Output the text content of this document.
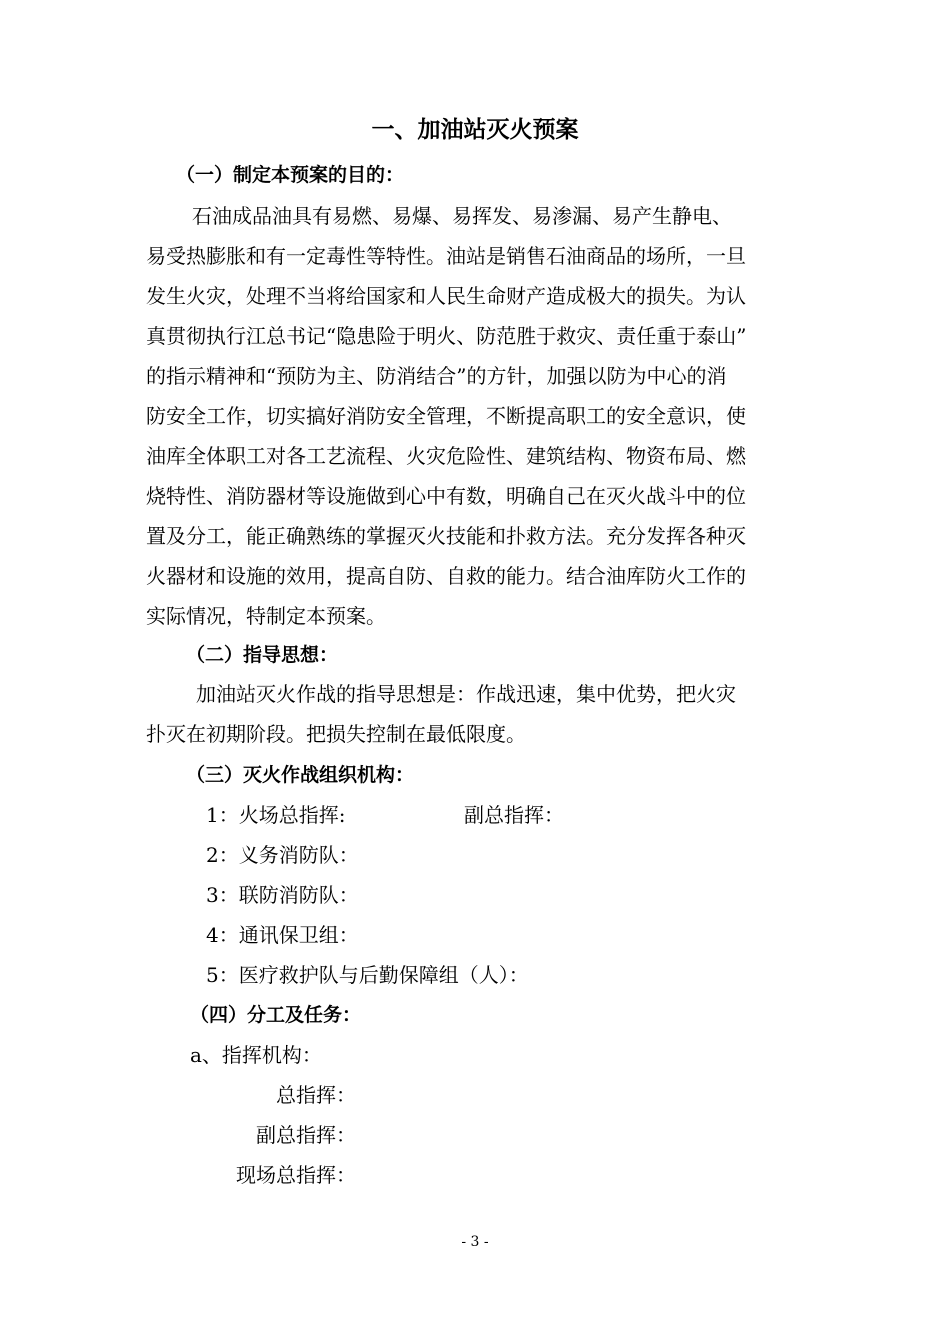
一、加油站灭火预案
（一）制定本预案的目的：
石油成品油具有易燃、易爆、易挥发、易渗漏、易产生静电、
易受热膨胀和有一定毒性等特性。油站是销售石油商品的场所，一旦
发生火灾，处理不当将给国家和人民生命财产造成极大的损失。为认
真贯彻执行江总书记“隐患险于明火、防范胜于救灾、责任重于泰山”
的指示精神和“预防为主、防消结合”的方针，加强以防为中心的消
防安全工作，切实搞好消防安全管理，不断提高职工的安全意识，使
油库全体职工对各工艺流程、火灾危险性、建筑结构、物资布局、燃
烧特性、消防器材等设施做到心中有数，明确自己在灭火战斗中的位
置及分工，能正确熟练的掌握灭火技能和扑救方法。充分发挥各种灭
火器材和设施的效用，提高自防、自救的能力。结合油库防火工作的
实际情况，特制定本预案。
（二）指导思想：
加油站灭火作战的指导思想是：作战迅速，集中优势，把火灾
扑灭在初期阶段。把损失控制在最低限度。
（三）灭火作战组织机构：
1：火场总指挥:	副总指挥：
2：义务消防队：
3：联防消防队：
4：通讯保卫组：
5：医疗救护队与后勤保障组（人）：
（四）分工及任务：
a、指挥机构：
总指挥：
副总指挥：
现场总指挥：
- 3 -
